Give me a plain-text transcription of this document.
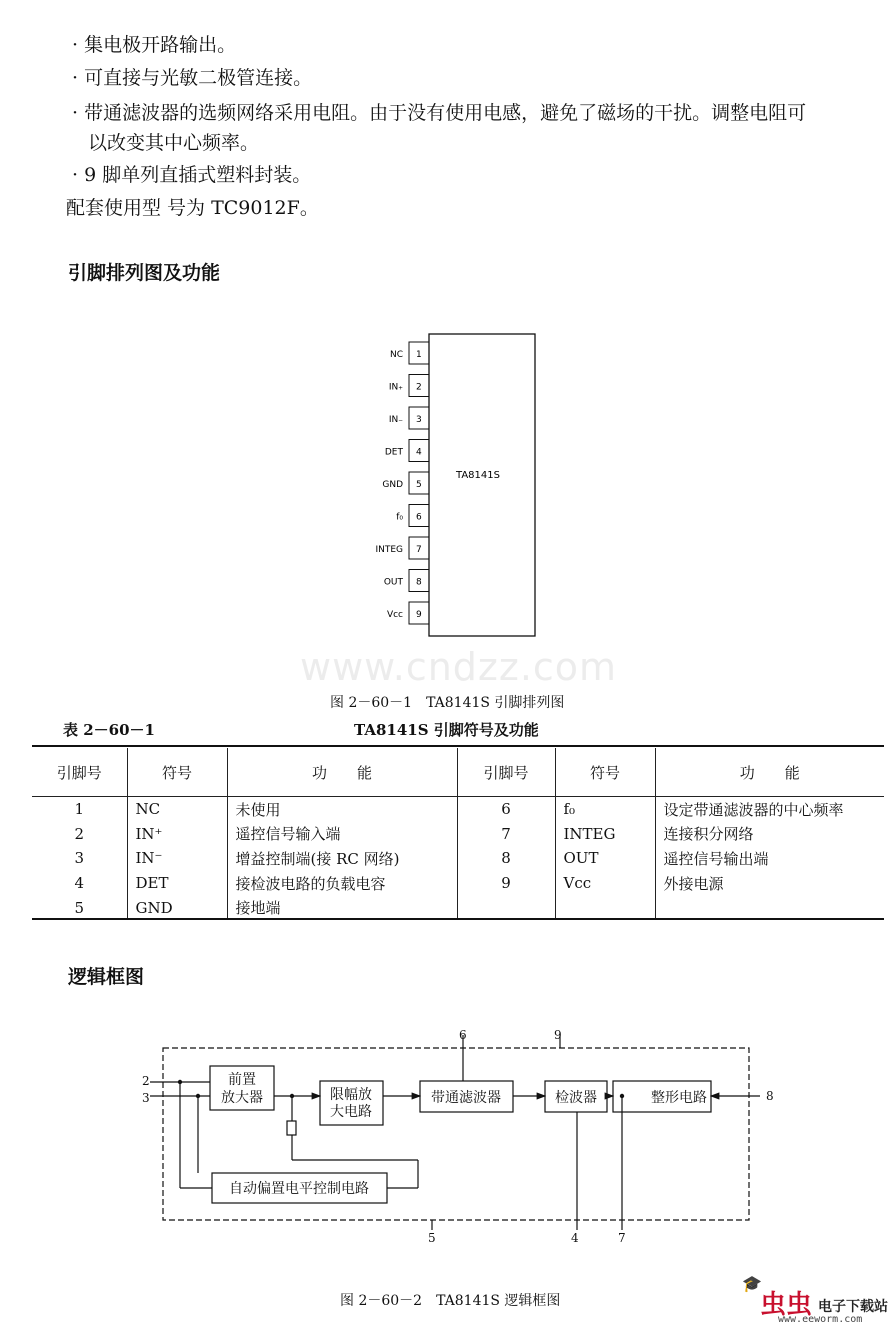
· 集电极开路输出。
· 可直接与光敏二极管连接。
· 带通滤波器的选频网络采用电阻。由于没有使用电感，避免了磁场的干扰。调整电阻可
以改变其中心频率。
· 9 脚单列直插式塑料封装。
配套使用型 号为 TC9012F。
引脚排列图及功能
1
NC
2
IN₊
3
IN₋
4
DET
5
GND
6
f₀
7
INTEG
8
OUT
9
Vcc
TA8141S
www.cndzz.com
图 2－60－1　TA8141S 引脚排列图
表 2－60－1	TA8141S 引脚符号及功能
引脚号	符号	功　　能	引脚号	符号	功　　能
1	NC	未使用	6	f₀	设定带通滤波器的中心频率
2	IN⁺	遥控信号输入端	7	INTEG	连接积分网络
3	IN⁻	增益控制端(接 RC 网络)	8	OUT	遥控信号输出端
4	DET	接检波电路的负载电容	9	Vcc	外接电源
5	GND	接地端			
逻辑框图
前置
放大器	限幅放
大电路
带通滤波器	检波器	整形电路
自动偏置电平控制电路
2
3
6	9
8
5	4	7
图 2－60－2　TA8141S 逻辑框图
🎓
虫虫 电子下载站
www.eeworm.com
